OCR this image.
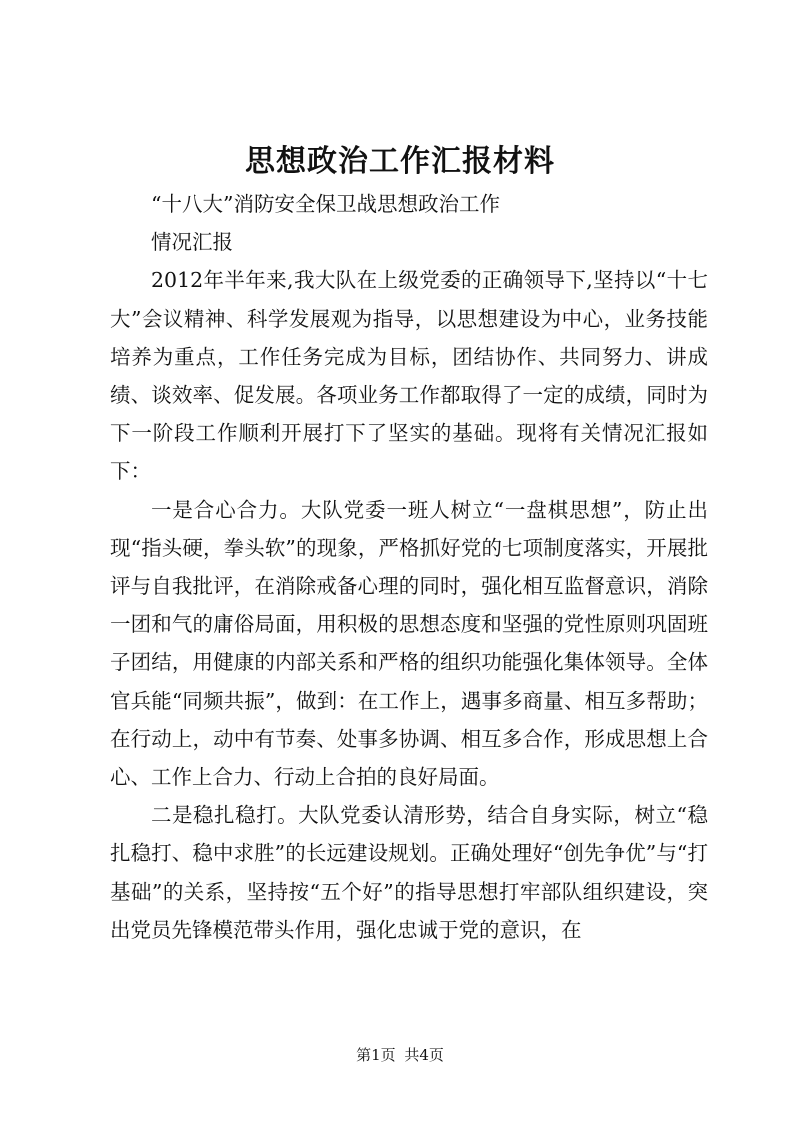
思想政治工作汇报材料

“十八大”消防安全保卫战思想政治工作

情况汇报

2012年半年来,我大队在上级党委的正确领导下,坚持以“十七大”会议精神、科学发展观为指导，以思想建设为中心，业务技能培养为重点，工作任务完成为目标，团结协作、共同努力、讲成绩、谈效率、促发展。各项业务工作都取得了一定的成绩，同时为下一阶段工作顺利开展打下了坚实的基础。现将有关情况汇报如下：

一是合心合力。大队党委一班人树立“一盘棋思想”，防止出现“指头硬，拳头软”的现象，严格抓好党的七项制度落实，开展批评与自我批评，在消除戒备心理的同时，强化相互监督意识，消除一团和气的庸俗局面，用积极的思想态度和坚强的党性原则巩固班子团结，用健康的内部关系和严格的组织功能强化集体领导。全体官兵能“同频共振”，做到：在工作上，遇事多商量、相互多帮助；在行动上，动中有节奏、处事多协调、相互多合作，形成思想上合心、工作上合力、行动上合拍的良好局面。

二是稳扎稳打。大队党委认清形势，结合自身实际，树立“稳扎稳打、稳中求胜”的长远建设规划。正确处理好“创先争优”与“打基础”的关系，坚持按“五个好”的指导思想打牢部队组织建设，突出党员先锋模范带头作用，强化忠诚于党的意识，在

第1页 共4页
